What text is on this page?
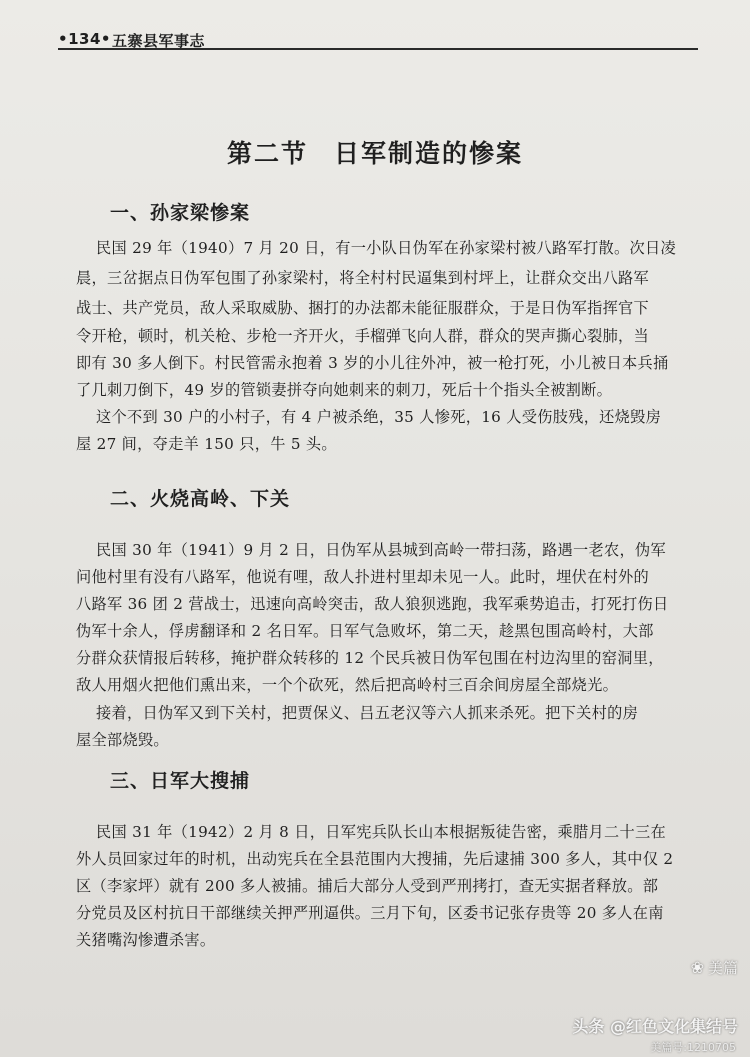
•134• 五寨县军事志
第二节 日军制造的惨案
一、孙家梁惨案
民国 29 年（1940）7 月 20 日，有一小队日伪军在孙家梁村被八路军打散。次日凌
晨，三岔据点日伪军包围了孙家梁村，将全村村民逼集到村坪上，让群众交出八路军
战士、共产党员，敌人采取威胁、捆打的办法都未能征服群众，于是日伪军指挥官下
令开枪，顿时，机关枪、步枪一齐开火，手榴弹飞向人群，群众的哭声撕心裂肺，当
即有 30 多人倒下。村民管需永抱着 3 岁的小儿往外冲，被一枪打死，小儿被日本兵捅
了几刺刀倒下，49 岁的管锁妻拼夺向她刺来的刺刀，死后十个指头全被割断。
这个不到 30 户的小村子，有 4 户被杀绝，35 人惨死，16 人受伤肢残，还烧毁房
屋 27 间，夺走羊 150 只，牛 5 头。
二、火烧高岭、下关
民国 30 年（1941）9 月 2 日，日伪军从县城到高岭一带扫荡，路遇一老农，伪军
问他村里有没有八路军，他说有哩，敌人扑进村里却未见一人。此时，埋伏在村外的
八路军 36 团 2 营战士，迅速向高岭突击，敌人狼狈逃跑，我军乘势追击，打死打伤日
伪军十余人，俘虏翻译和 2 名日军。日军气急败坏，第二天，趁黑包围高岭村，大部
分群众获情报后转移，掩护群众转移的 12 个民兵被日伪军包围在村边沟里的窑洞里，
敌人用烟火把他们熏出来，一个个砍死，然后把高岭村三百余间房屋全部烧光。
接着，日伪军又到下关村，把贾保义、吕五老汉等六人抓来杀死。把下关村的房
屋全部烧毁。
三、日军大搜捕
民国 31 年（1942）2 月 8 日，日军宪兵队长山本根据叛徒告密，乘腊月二十三在
外人员回家过年的时机，出动宪兵在全县范围内大搜捕，先后逮捕 300 多人，其中仅 2
区（李家坪）就有 200 多人被捕。捕后大部分人受到严刑拷打，查无实据者释放。部
分党员及区村抗日干部继续关押严刑逼供。三月下旬，区委书记张存贵等 20 多人在南
关猪嘴沟惨遭杀害。
❀ 美篇
头条 @红色文化集结号
美篇号:1210705
